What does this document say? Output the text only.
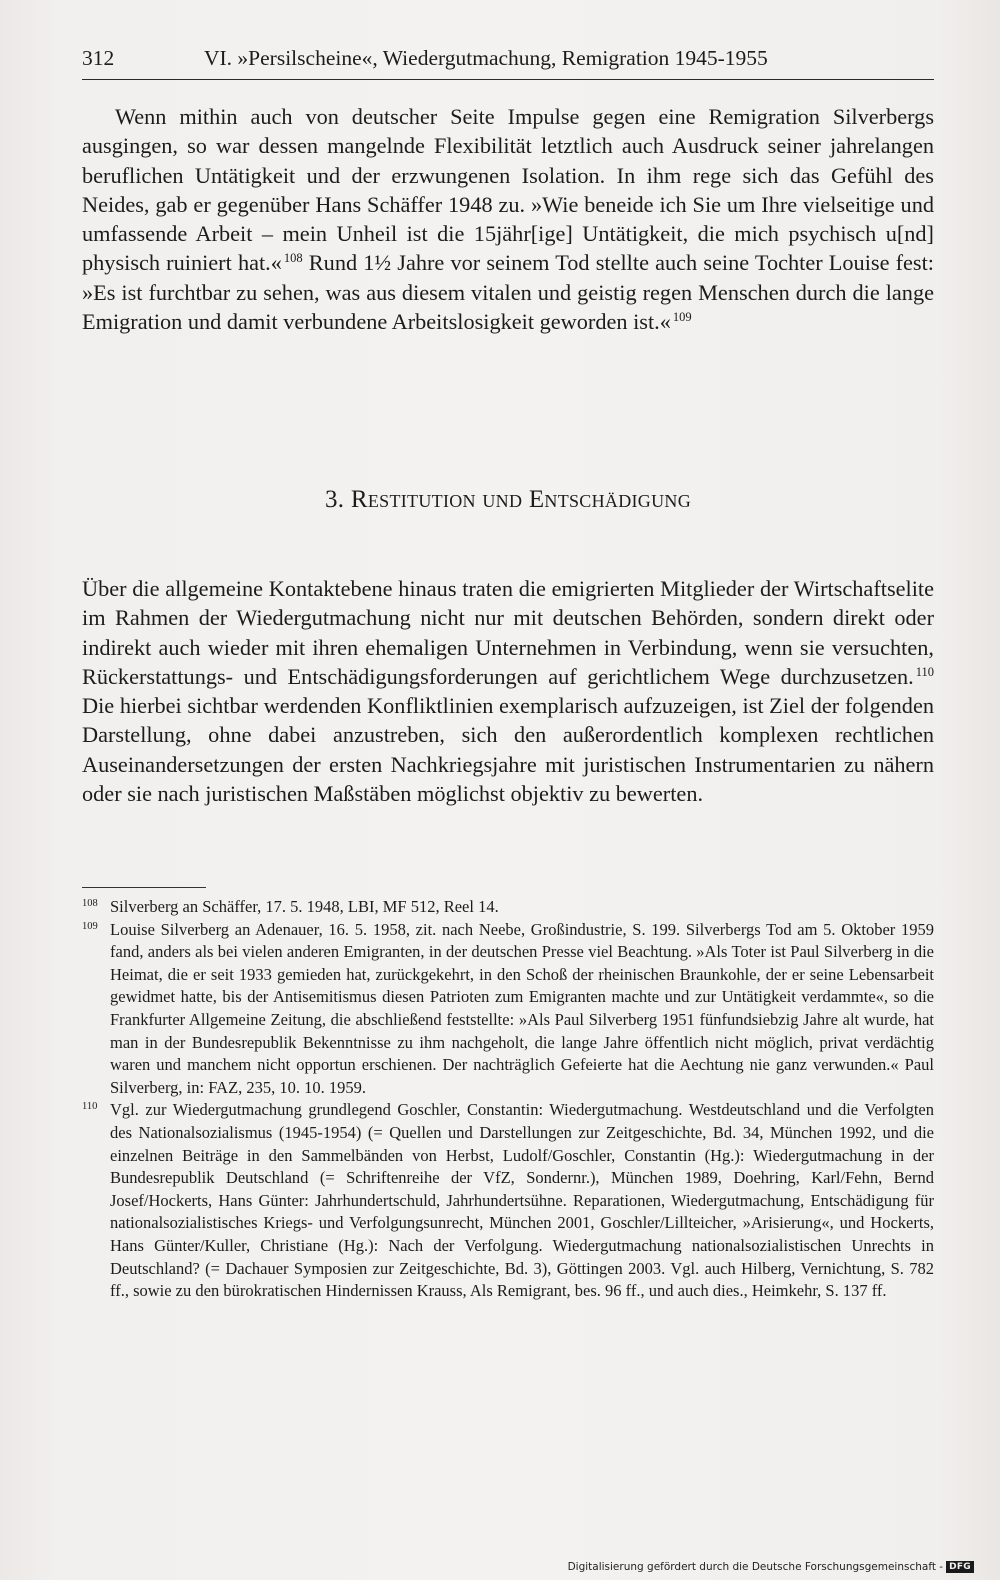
312	VI. »Persilscheine«, Wiedergutmachung, Remigration 1945-1955

Wenn mithin auch von deutscher Seite Impulse gegen eine Remigration Silverbergs ausgingen, so war dessen mangelnde Flexibilität letztlich auch Ausdruck seiner jahrelangen beruflichen Untätigkeit und der erzwungenen Isolation. In ihm rege sich das Gefühl des Neides, gab er gegenüber Hans Schäffer 1948 zu. »Wie beneide ich Sie um Ihre vielseitige und umfassende Arbeit – mein Unheil ist die 15jähr[ige] Untätigkeit, die mich psychisch u[nd] physisch ruiniert hat.« $^{108}$ Rund 1½ Jahre vor seinem Tod stellte auch seine Tochter Louise fest: »Es ist furchtbar zu sehen, was aus diesem vitalen und geistig regen Menschen durch die lange Emigration und damit verbundene Arbeitslosigkeit geworden ist.« $^{109}$

3. Restitution und Entschädigung

Über die allgemeine Kontaktebene hinaus traten die emigrierten Mitglieder der Wirtschaftselite im Rahmen der Wiedergutmachung nicht nur mit deutschen Behörden, sondern direkt oder indirekt auch wieder mit ihren ehemaligen Unternehmen in Verbindung, wenn sie versuchten, Rückerstattungs- und Entschädigungsforderungen auf gerichtlichem Wege durchzusetzen. $^{110}$ Die hierbei sichtbar werdenden Konfliktlinien exemplarisch aufzuzeigen, ist Ziel der folgenden Darstellung, ohne dabei anzustreben, sich den außerordentlich komplexen rechtlichen Auseinandersetzungen der ersten Nachkriegsjahre mit juristischen Instrumentarien zu nähern oder sie nach juristischen Maßstäben möglichst objektiv zu bewerten.

108 Silverberg an Schäffer, 17. 5. 1948, LBI, MF 512, Reel 14.

109 Louise Silverberg an Adenauer, 16. 5. 1958, zit. nach Neebe, Großindustrie, S. 199. Silverbergs Tod am 5. Oktober 1959 fand, anders als bei vielen anderen Emigranten, in der deutschen Presse viel Beachtung. »Als Toter ist Paul Silverberg in die Heimat, die er seit 1933 gemieden hat, zurückgekehrt, in den Schoß der rheinischen Braunkohle, der er seine Lebensarbeit gewidmet hatte, bis der Antisemitismus diesen Patrioten zum Emigranten machte und zur Untätigkeit verdammte«, so die Frankfurter Allgemeine Zeitung, die abschließend feststellte: »Als Paul Silverberg 1951 fünfundsiebzig Jahre alt wurde, hat man in der Bundesrepublik Bekenntnisse zu ihm nachgeholt, die lange Jahre öffentlich nicht möglich, privat verdächtig waren und manchem nicht opportun erschienen. Der nachträglich Gefeierte hat die Aechtung nie ganz verwunden.« Paul Silverberg, in: FAZ, 235, 10. 10. 1959.

110 Vgl. zur Wiedergutmachung grundlegend Goschler, Constantin: Wiedergutmachung. Westdeutschland und die Verfolgten des Nationalsozialismus (1945-1954) (= Quellen und Darstellungen zur Zeitgeschichte, Bd. 34, München 1992, und die einzelnen Beiträge in den Sammelbänden von Herbst, Ludolf/Goschler, Constantin (Hg.): Wiedergutmachung in der Bundesrepublik Deutschland (= Schriftenreihe der VfZ, Sondernr.), München 1989, Doehring, Karl/Fehn, Bernd Josef/Hockerts, Hans Günter: Jahrhundertschuld, Jahrhundertsühne. Reparationen, Wiedergutmachung, Entschädigung für nationalsozialistisches Kriegs- und Verfolgungsunrecht, München 2001, Goschler/Lillteicher, »Arisierung«, und Hockerts, Hans Günter/Kuller, Christiane (Hg.): Nach der Verfolgung. Wiedergutmachung nationalsozialistischen Unrechts in Deutschland? (= Dachauer Symposien zur Zeitgeschichte, Bd. 3), Göttingen 2003. Vgl. auch Hilberg, Vernichtung, S. 782 ff., sowie zu den bürokratischen Hindernissen Krauss, Als Remigrant, bes. 96 ff., und auch dies., Heimkehr, S. 137 ff.

Digitalisierung gefördert durch die Deutsche Forschungsgemeinschaft - DFG
